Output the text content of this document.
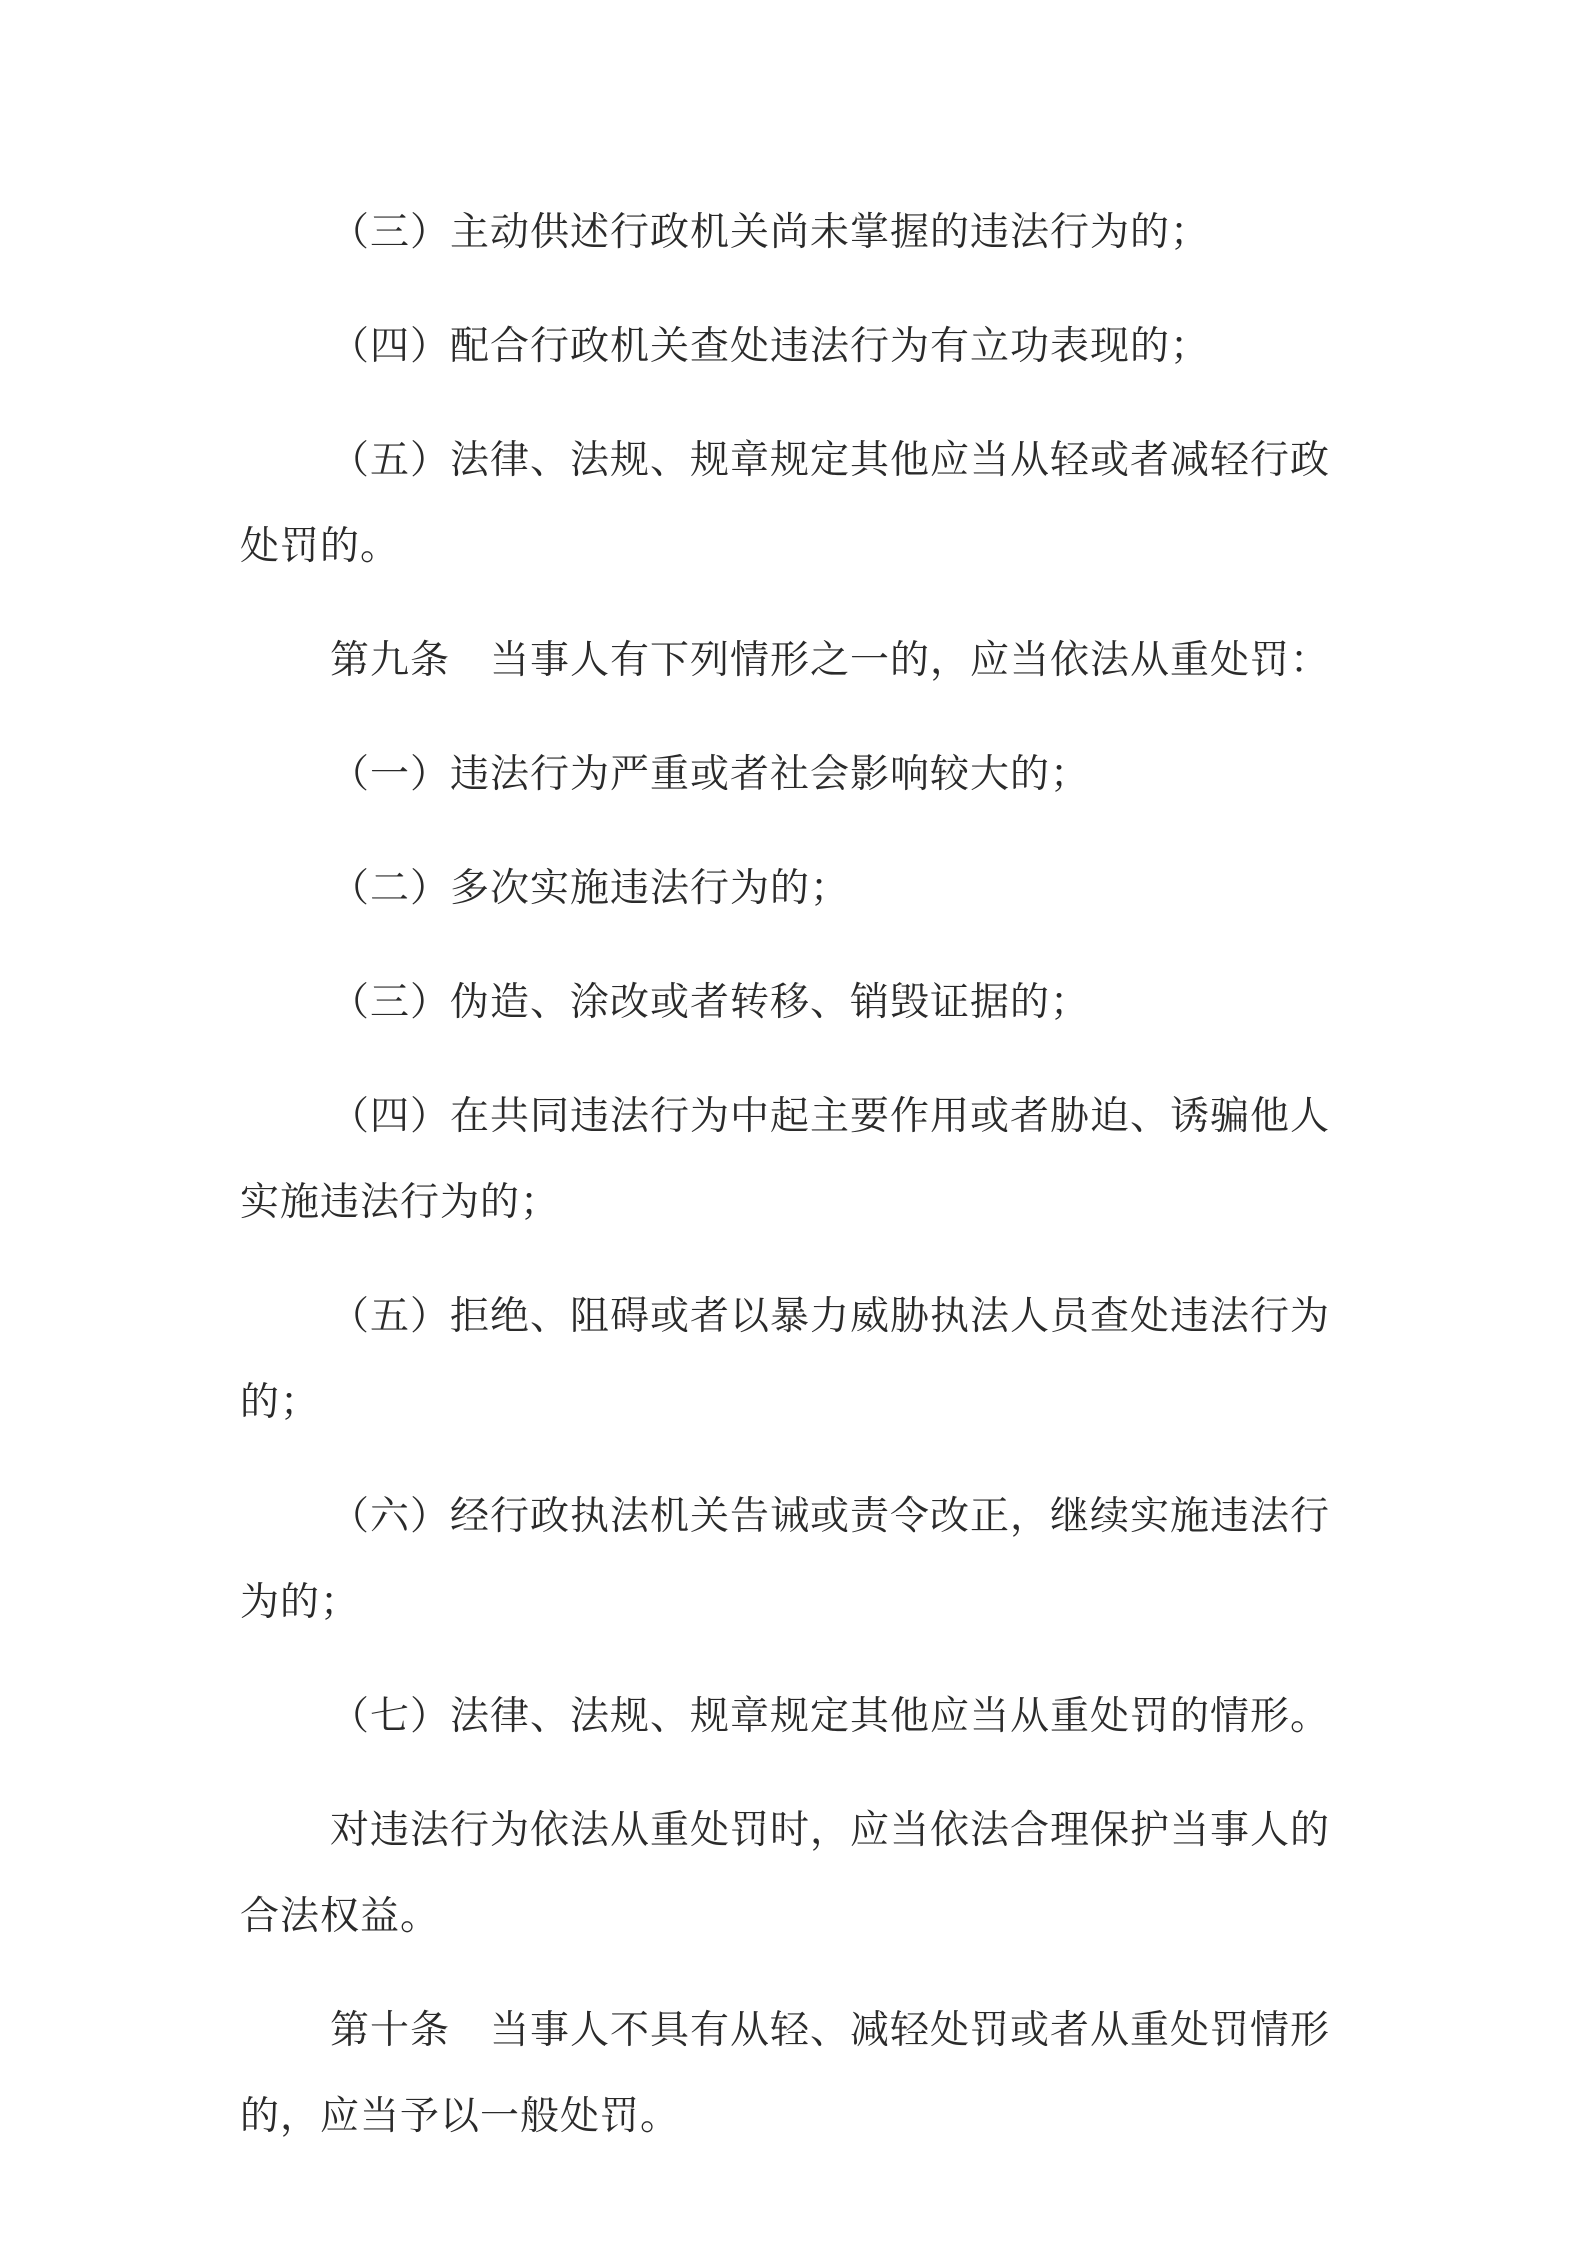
（三）主动供述行政机关尚未掌握的违法行为的；

（四）配合行政机关查处违法行为有立功表现的；

（五）法律、法规、规章规定其他应当从轻或者减轻行政处罚的。

第九条　当事人有下列情形之一的，应当依法从重处罚：

（一）违法行为严重或者社会影响较大的；

（二）多次实施违法行为的；

（三）伪造、涂改或者转移、销毁证据的；

（四）在共同违法行为中起主要作用或者胁迫、诱骗他人实施违法行为的；

（五）拒绝、阻碍或者以暴力威胁执法人员查处违法行为的；

（六）经行政执法机关告诫或责令改正，继续实施违法行为的；

（七）法律、法规、规章规定其他应当从重处罚的情形。

对违法行为依法从重处罚时，应当依法合理保护当事人的合法权益。

第十条　当事人不具有从轻、减轻处罚或者从重处罚情形的，应当予以一般处罚。
